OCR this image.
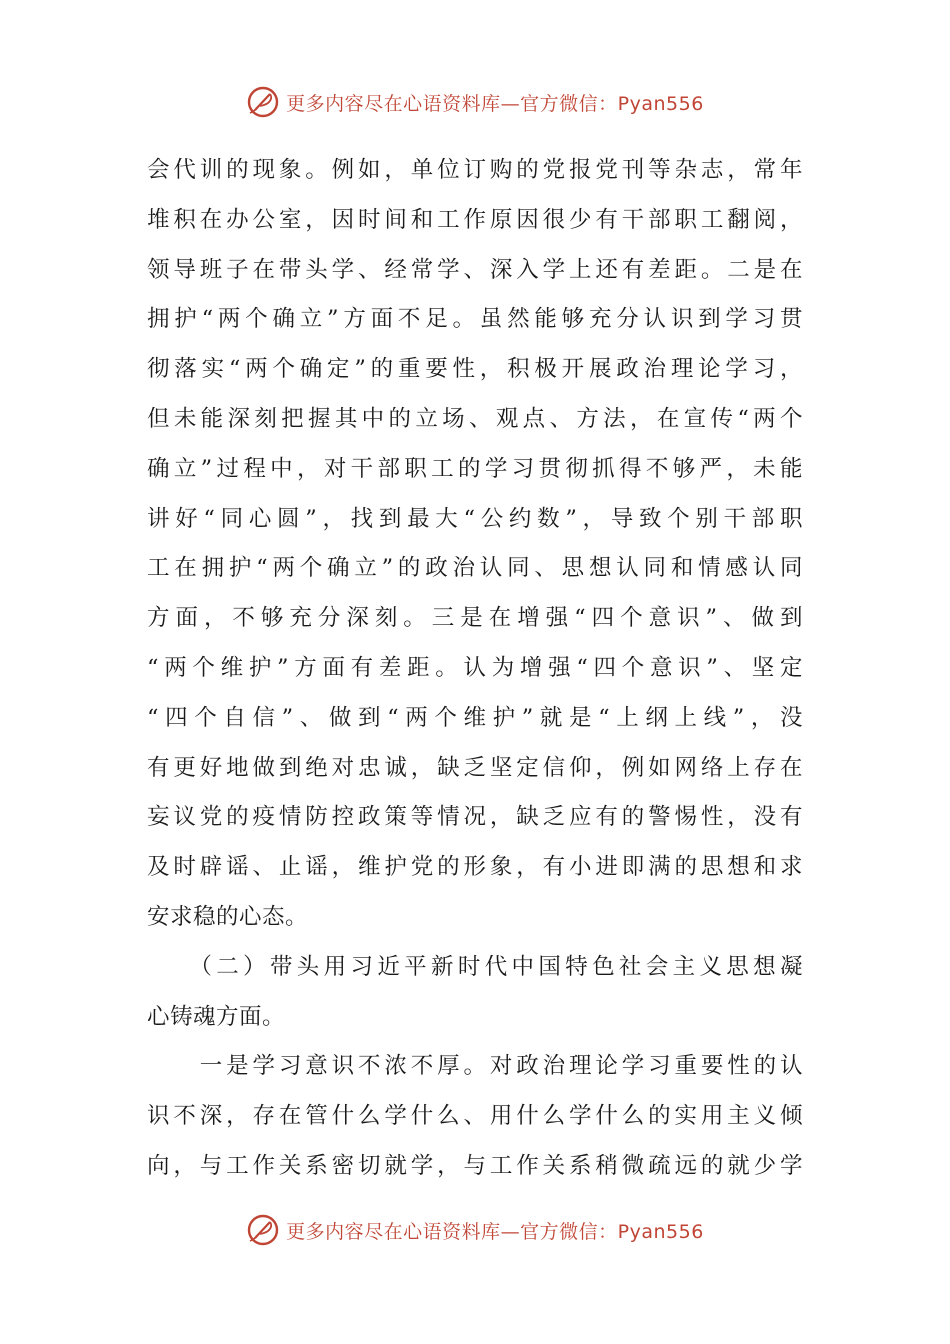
更多内容尽在心语资料库—官方微信：Pyan556
会代训的现象。例如，单位订购的党报党刊等杂志，常年
堆积在办公室，因时间和工作原因很少有干部职工翻阅，
领导班子在带头学、经常学、深入学上还有差距。二是在
拥护“两个确立”方面不足。虽然能够充分认识到学习贯
彻落实“两个确定”的重要性，积极开展政治理论学习，
但未能深刻把握其中的立场、观点、方法，在宣传“两个
确立”过程中，对干部职工的学习贯彻抓得不够严，未能
讲好“同心圆”，找到最大“公约数”，导致个别干部职
工在拥护“两个确立”的政治认同、思想认同和情感认同
方面，不够充分深刻。三是在增强“四个意识”、做到
“两个维护”方面有差距。认为增强“四个意识”、坚定
“四个自信”、做到“两个维护”就是“上纲上线”，没
有更好地做到绝对忠诚，缺乏坚定信仰，例如网络上存在
妄议党的疫情防控政策等情况，缺乏应有的警惕性，没有
及时辟谣、止谣，维护党的形象，有小进即满的思想和求
安求稳的心态。
　　（二）带头用习近平新时代中国特色社会主义思想凝
心铸魂方面。
　　一是学习意识不浓不厚。对政治理论学习重要性的认
识不深，存在管什么学什么、用什么学什么的实用主义倾
向，与工作关系密切就学，与工作关系稍微疏远的就少学
更多内容尽在心语资料库—官方微信：Pyan556
